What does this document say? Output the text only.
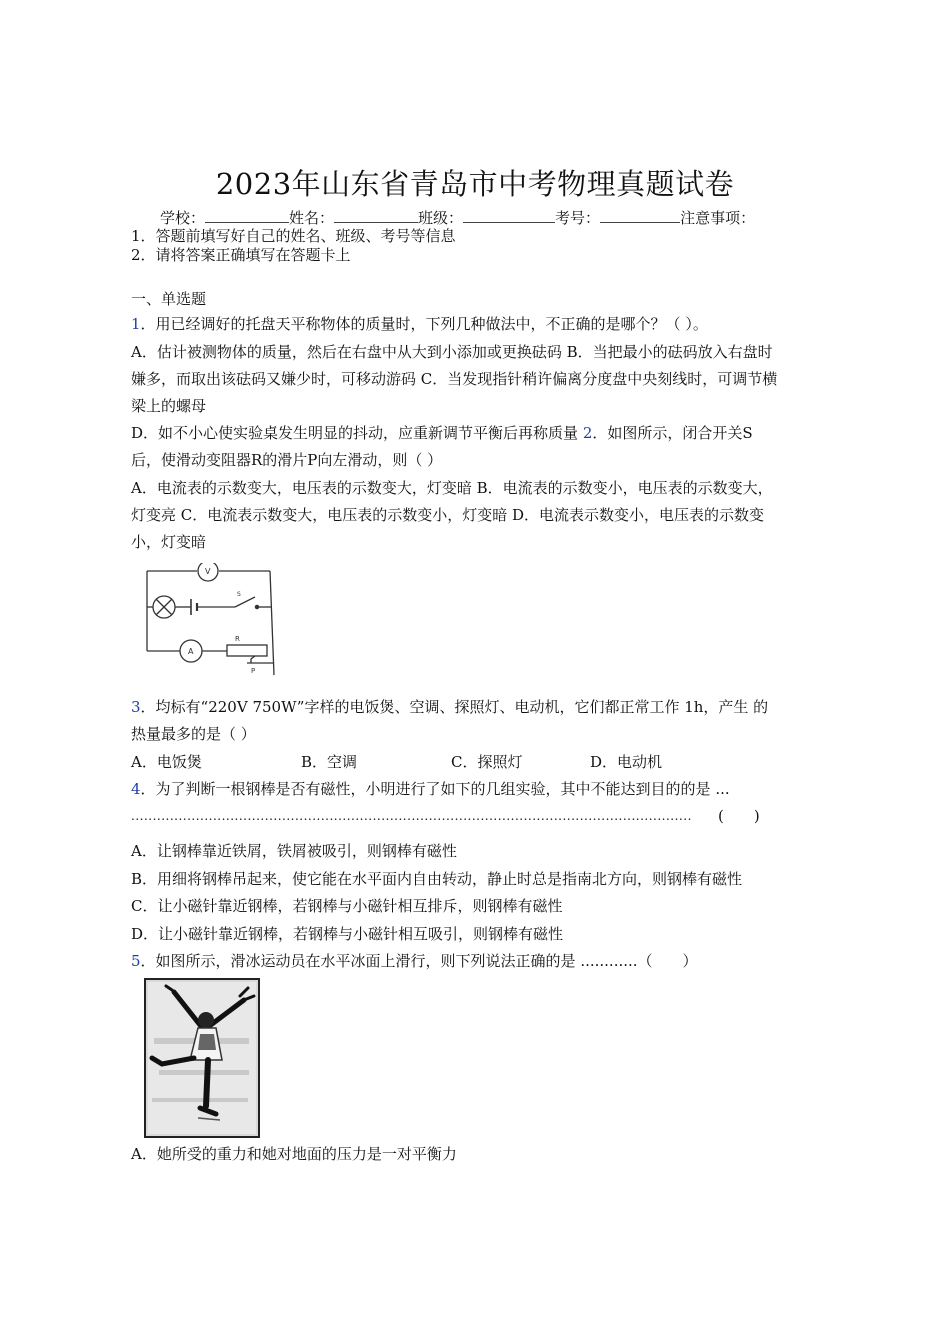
2023年山东省青岛市中考物理真题试卷
学校：	姓名：	班级：	考号：	注意事项：
1．答题前填写好自己的姓名、班级、考号等信息
2．请将答案正确填写在答题卡上
一、单选题
1．用已经调好的托盘天平称物体的质量时，下列几种做法中，不正确的是哪个？（ ）。
A．估计被测物体的质量，然后在右盘中从大到小添加或更换砝码 B．当把最小的砝码放入右盘时
嫌多，而取出该砝码又嫌少时，可移动游码 C．当发现指针稍许偏离分度盘中央刻线时，可调节横
梁上的螺母
D．如不小心使实验桌发生明显的抖动，应重新调节平衡后再称质量 2．如图所示，闭合开关S
后，使滑动变阻器R的滑片P向左滑动，则（ ）
A．电流表的示数变大，电压表的示数变大，灯变暗 B．电流表的示数变小，电压表的示数变大，
灯变亮 C．电流表示数变大，电压表的示数变小，灯变暗 D．电流表示数变小，电压表的示数变
小，灯变暗
V
A
S
R
P
3．均标有“220V 750W”字样的电饭煲、空调、探照灯、电动机，它们都正常工作 1h，产生 的
热量最多的是（ ）
A．电饭煲	B．空调	C．探照灯	D．电动机
4．为了判断一根钢棒是否有磁性，小明进行了如下的几组实验，其中不能达到目的的是 ...
..................................................................................................................................	(　　)
A．让钢棒靠近铁屑，铁屑被吸引，则钢棒有磁性
B．用细将钢棒吊起来，使它能在水平面内自由转动，静止时总是指南北方向，则钢棒有磁性
C．让小磁针靠近钢棒，若钢棒与小磁针相互排斥，则钢棒有磁性
D．让小磁针靠近钢棒，若钢棒与小磁针相互吸引，则钢棒有磁性
5．如图所示，滑冰运动员在水平冰面上滑行，则下列说法正确的是 ............（　　）
A．她所受的重力和她对地面的压力是一对平衡力
